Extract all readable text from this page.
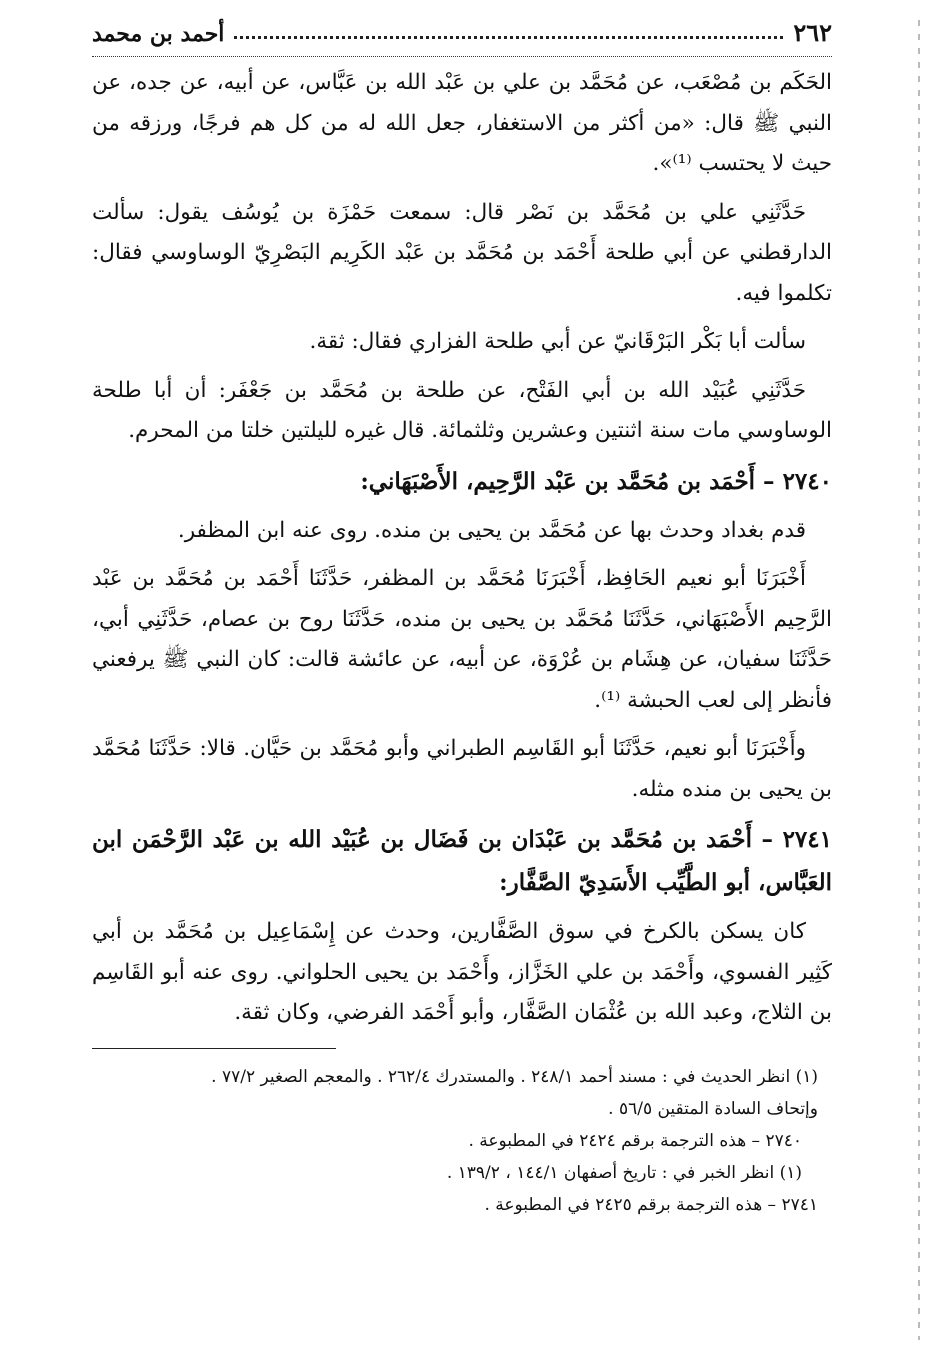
٢٦٢
أحمد بن محمد

الحَكَم بن مُصْعَب، عن مُحَمَّد بن علي بن عَبْد الله بن عَبَّاس، عن أبيه، عن جده، عن النبي ﷺ قال: «من أكثر من الاستغفار، جعل الله له من كل هم فرجًا، ورزقه من حيث لا يحتسب ⁽¹⁾».

حَدَّثَنِي علي بن مُحَمَّد بن نَصْر قال: سمعت حَمْزَة بن يُوسُف يقول: سألت الدارقطني عن أبي طلحة أَحْمَد بن مُحَمَّد بن عَبْد الكَرِيم البَصْرِيّ الوساوسي فقال: تكلموا فيه.

سألت أبا بَكْر البَرْقَانيّ عن أبي طلحة الفزاري فقال: ثقة.

حَدَّثَنِي عُبَيْد الله بن أبي الفَتْح، عن طلحة بن مُحَمَّد بن جَعْفَر: أن أبا طلحة الوساوسي مات سنة اثنتين وعشرين وثلثمائة. قال غيره لليلتين خلتا من المحرم.

٢٧٤٠ – أَحْمَد بن مُحَمَّد بن عَبْد الرَّحِيم، الأَصْبَهَاني:

قدم بغداد وحدث بها عن مُحَمَّد بن يحيى بن منده. روى عنه ابن المظفر.

أَخْبَرَنَا أبو نعيم الحَافِظ، أَخْبَرَنَا مُحَمَّد بن المظفر، حَدَّثَنَا أَحْمَد بن مُحَمَّد بن عَبْد الرَّحِيم الأَصْبَهَاني، حَدَّثَنَا مُحَمَّد بن يحيى بن منده، حَدَّثَنَا روح بن عصام، حَدَّثَنِي أبي، حَدَّثَنَا سفيان، عن هِشَام بن عُرْوَة، عن أبيه، عن عائشة قالت: كان النبي ﷺ يرفعني فأنظر إلى لعب الحبشة ⁽¹⁾.

وأَخْبَرَنَا أبو نعيم، حَدَّثَنَا أبو القَاسِم الطبراني وأبو مُحَمَّد بن حَيَّان. قالا: حَدَّثَنَا مُحَمَّد بن يحيى بن منده مثله.

٢٧٤١ – أَحْمَد بن مُحَمَّد بن عَبْدَان بن فَضَال بن عُبَيْد الله بن عَبْد الرَّحْمَن ابن العَبَّاس، أبو الطَّيِّب الأَسَدِيّ الصَّفَّار:

كان يسكن بالكرخ في سوق الصَّفَّارين، وحدث عن إِسْمَاعِيل بن مُحَمَّد بن أبي كَثِير الفسوي، وأَحْمَد بن علي الخَزَّاز، وأَحْمَد بن يحيى الحلواني. روى عنه أبو القَاسِم بن الثلاج، وعبد الله بن عُثْمَان الصَّفَّار، وأبو أَحْمَد الفرضي، وكان ثقة.

(١) انظر الحديث في : مسند أحمد ٢٤٨/١ . والمستدرك ٢٦٢/٤ . والمعجم الصغير ٧٧/٢ .
وإتحاف السادة المتقين ٥٦/٥ .
٢٧٤٠ – هذه الترجمة برقم ٢٤٢٤ في المطبوعة .
(١) انظر الخبر في : تاريخ أصفهان ١٤٤/١ ، ١٣٩/٢ .
٢٧٤١ – هذه الترجمة برقم ٢٤٢٥ في المطبوعة .
